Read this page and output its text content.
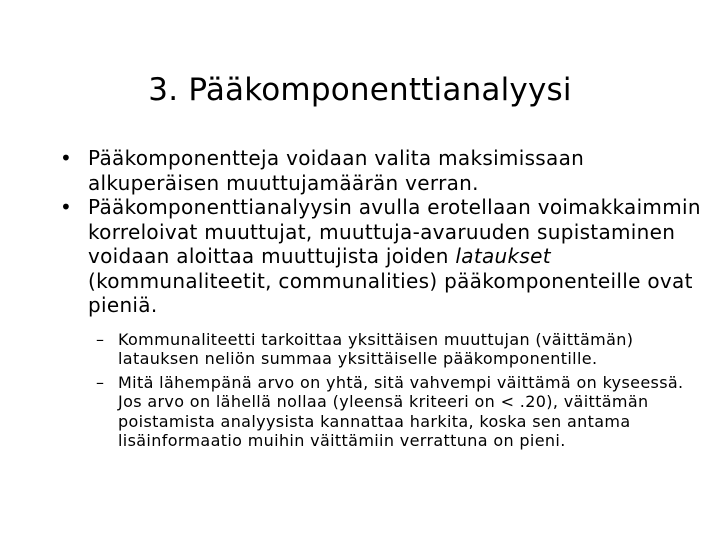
3. Pääkomponenttianalyysi
• Pääkomponentteja voidaan valita maksimissaan alkuperäisen muuttujamäärän verran.
• Pääkomponenttianalyysin avulla erotellaan voimakkaimmin korreloivat muuttujat, muuttuja-avaruuden supistaminen voidaan aloittaa muuttujista joiden lataukset (kommunaliteetit, communalities) pääkomponenteille ovat pieniä.
– Kommunaliteetti tarkoittaa yksittäisen muuttujan (väittämän) latauksen neliön summaa yksittäiselle pääkomponentille.
– Mitä lähempänä arvo on yhtä, sitä vahvempi väittämä on kyseessä. Jos arvo on lähellä nollaa (yleensä kriteeri on < .20), väittämän poistamista analyysista kannattaa harkita, koska sen antama lisäinformaatio muihin väittämiin verrattuna on pieni.
